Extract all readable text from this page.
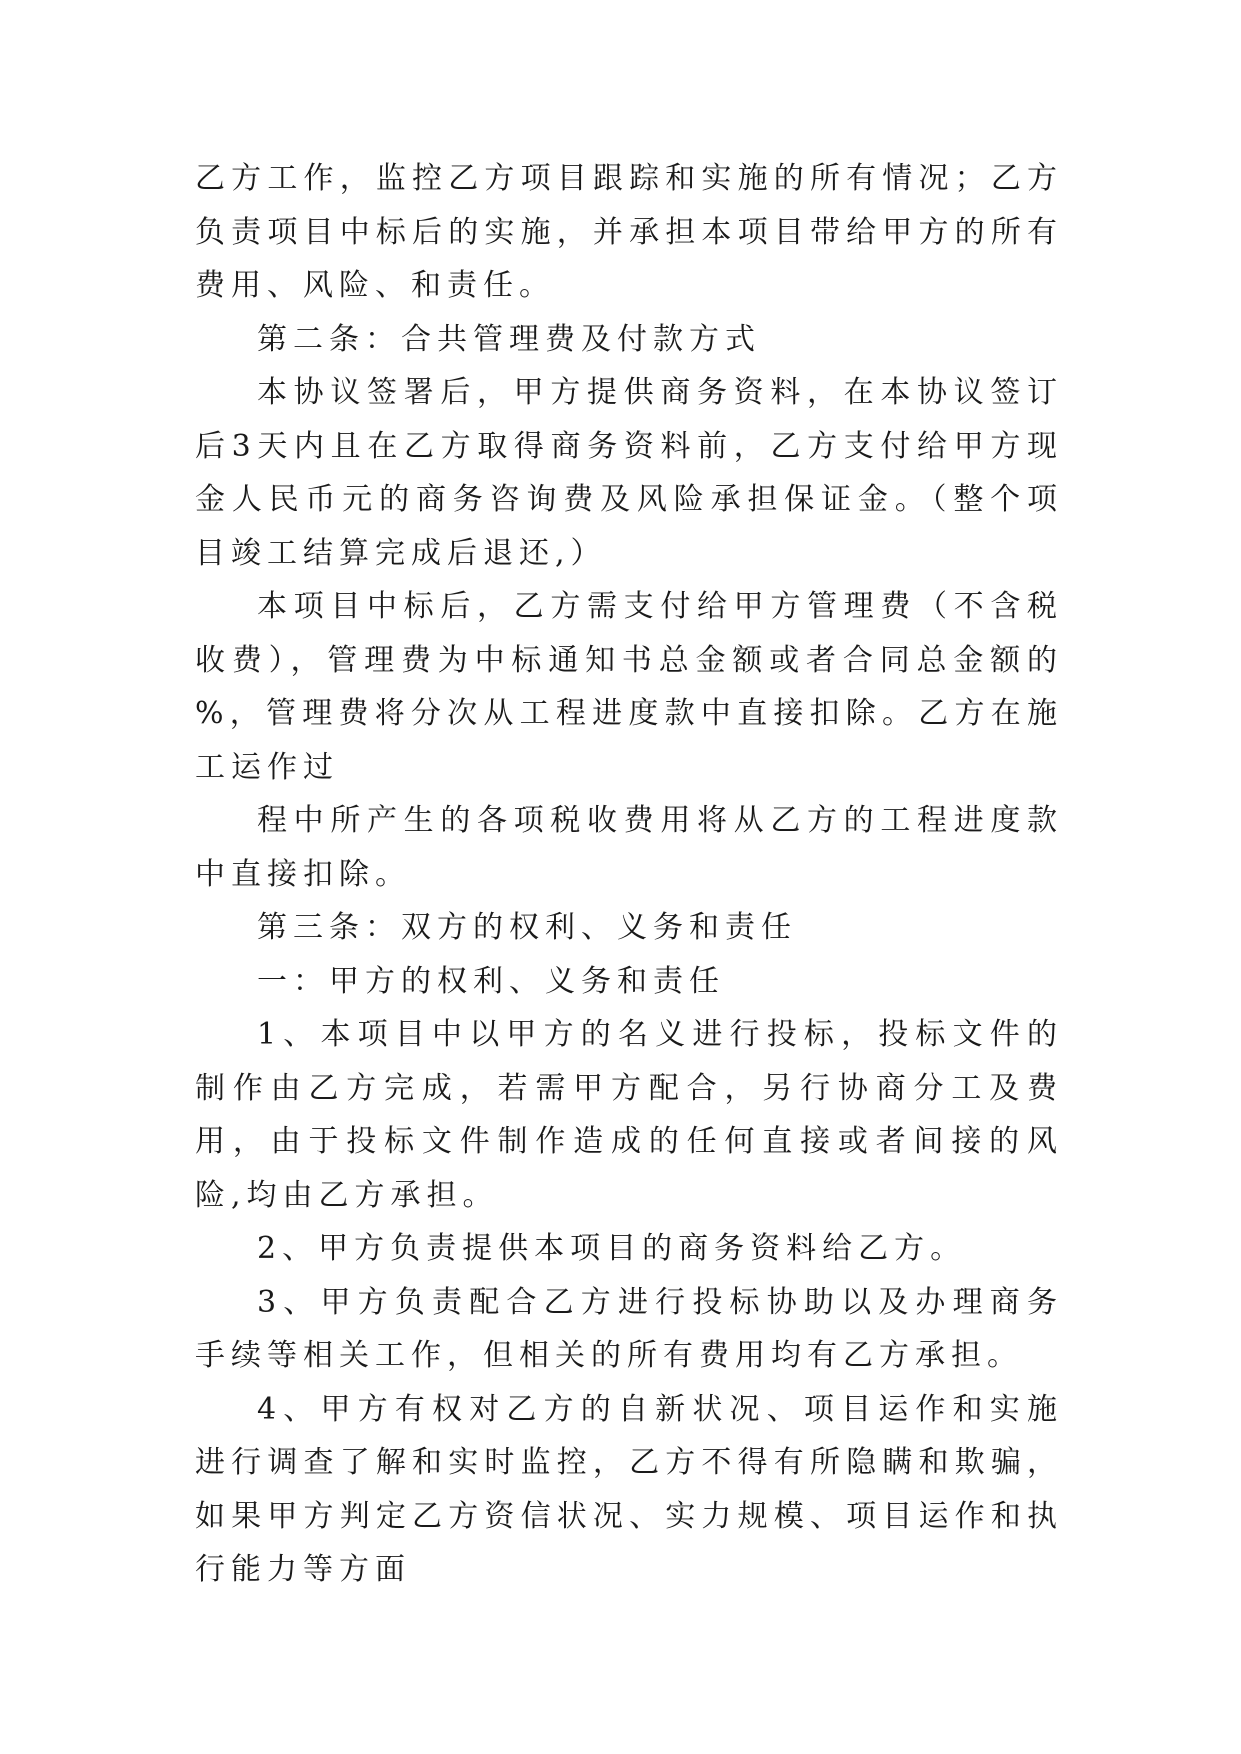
乙方工作，监控乙方项目跟踪和实施的所有情况；乙方负责项目中标后的实施，并承担本项目带给甲方的所有费用、风险、和责任。

第二条：合共管理费及付款方式

本协议签署后，甲方提供商务资料，在本协议签订后3天内且在乙方取得商务资料前，乙方支付给甲方现金人民币元的商务咨询费及风险承担保证金。（整个项目竣工结算完成后退还,）

本项目中标后，乙方需支付给甲方管理费（不含税收费），管理费为中标通知书总金额或者合同总金额的 %，管理费将分次从工程进度款中直接扣除。乙方在施工运作过

程中所产生的各项税收费用将从乙方的工程进度款中直接扣除。

第三条：双方的权利、义务和责任

一：甲方的权利、义务和责任

1、本项目中以甲方的名义进行投标，投标文件的制作由乙方完成，若需甲方配合，另行协商分工及费用，由于投标文件制作造成的任何直接或者间接的风险,均由乙方承担。

2、甲方负责提供本项目的商务资料给乙方。

3、甲方负责配合乙方进行投标协助以及办理商务手续等相关工作，但相关的所有费用均有乙方承担。

4、甲方有权对乙方的自新状况、项目运作和实施进行调查了解和实时监控，乙方不得有所隐瞒和欺骗，如果甲方判定乙方资信状况、实力规模、项目运作和执行能力等方面
